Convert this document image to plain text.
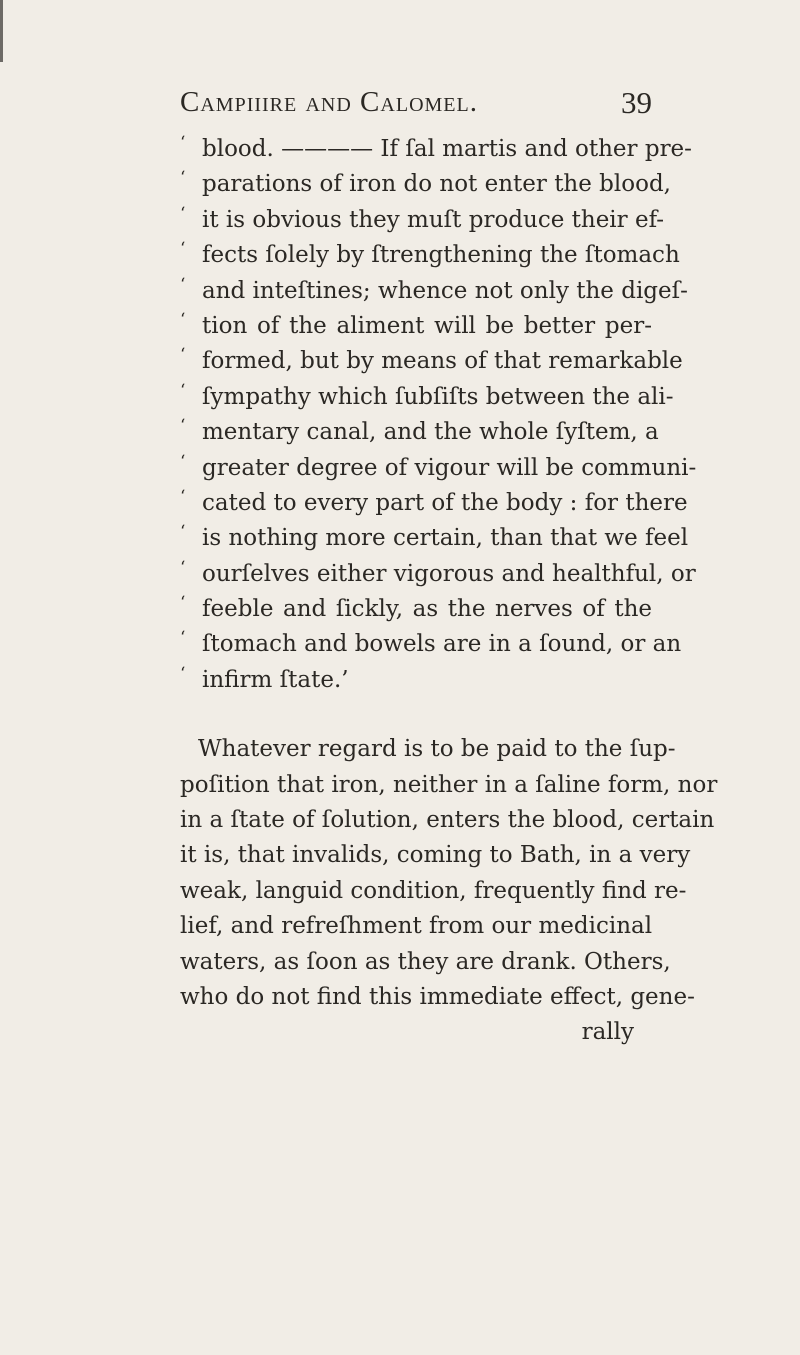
Campiiire and Calomel.	39
‘ blood. ———— If ſal martis and other pre-
‘ parations of iron do not enter the blood,
‘ it is obvious they muſt produce their ef-
‘ fects ſolely by ſtrengthening the ſtomach
‘ and inteſtines; whence not only the digeſ-
‘ tion of the aliment will be better per-
‘ formed, but by means of that remarkable
‘ ſympathy which ſubſiſts between the ali-
‘ mentary canal, and the whole ſyſtem, a
‘ greater degree of vigour will be communi-
‘ cated to every part of the body : for there
‘ is nothing more certain, than that we feel
‘ ourſelves either vigorous and healthful, or
‘ feeble and ſickly, as the nerves of the
‘ ſtomach and bowels are in a ſound, or an
‘ infirm ſtate.’
Whatever regard is to be paid to the ſup-
poſition that iron, neither in a ſaline form, nor
in a ſtate of ſolution, enters the blood, certain
it is, that invalids, coming to Bath, in a very
weak, languid condition, frequently find re-
lief, and refreſhment from our medicinal
waters, as ſoon as they are drank. Others,
who do not find this immediate effect, gene-
rally
